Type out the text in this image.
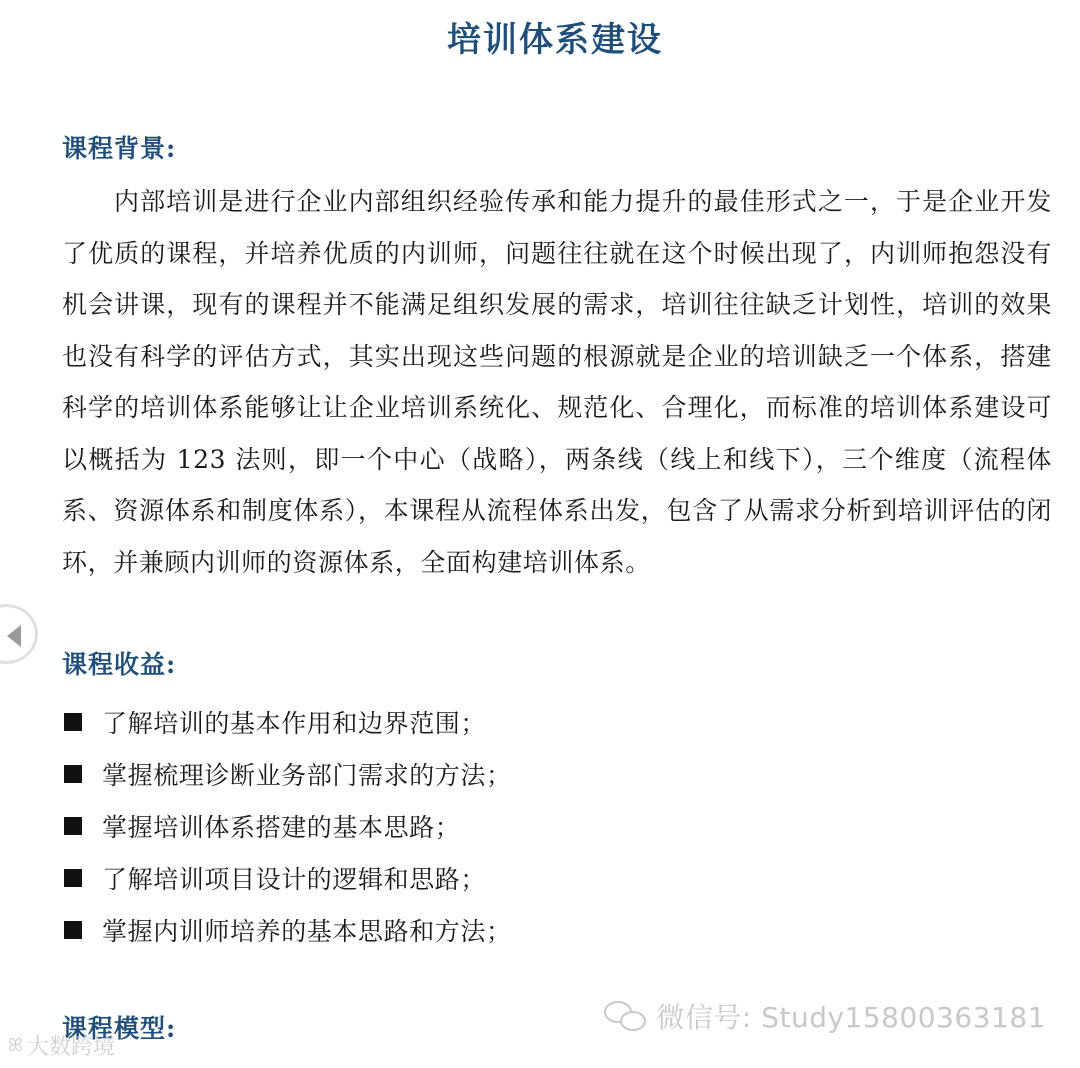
培训体系建设
课程背景:
内部培训是进行企业内部组织经验传承和能力提升的最佳形式之一，于是企业开发了优质的课程，并培养优质的内训师，问题往往就在这个时候出现了，内训师抱怨没有机会讲课，现有的课程并不能满足组织发展的需求，培训往往缺乏计划性，培训的效果也没有科学的评估方式，其实出现这些问题的根源就是企业的培训缺乏一个体系，搭建科学的培训体系能够让让企业培训系统化、规范化、合理化，而标准的培训体系建设可以概括为 123 法则，即一个中心（战略），两条线（线上和线下），三个维度（流程体系、资源体系和制度体系），本课程从流程体系出发，包含了从需求分析到培训评估的闭环，并兼顾内训师的资源体系，全面构建培训体系。
课程收益:
了解培训的基本作用和边界范围；
掌握梳理诊断业务部门需求的方法；
掌握培训体系搭建的基本思路；
了解培训项目设计的逻辑和思路；
掌握内训师培养的基本思路和方法；
微信号: Study15800363181
课程模型:
ꕤ 大数跨境
